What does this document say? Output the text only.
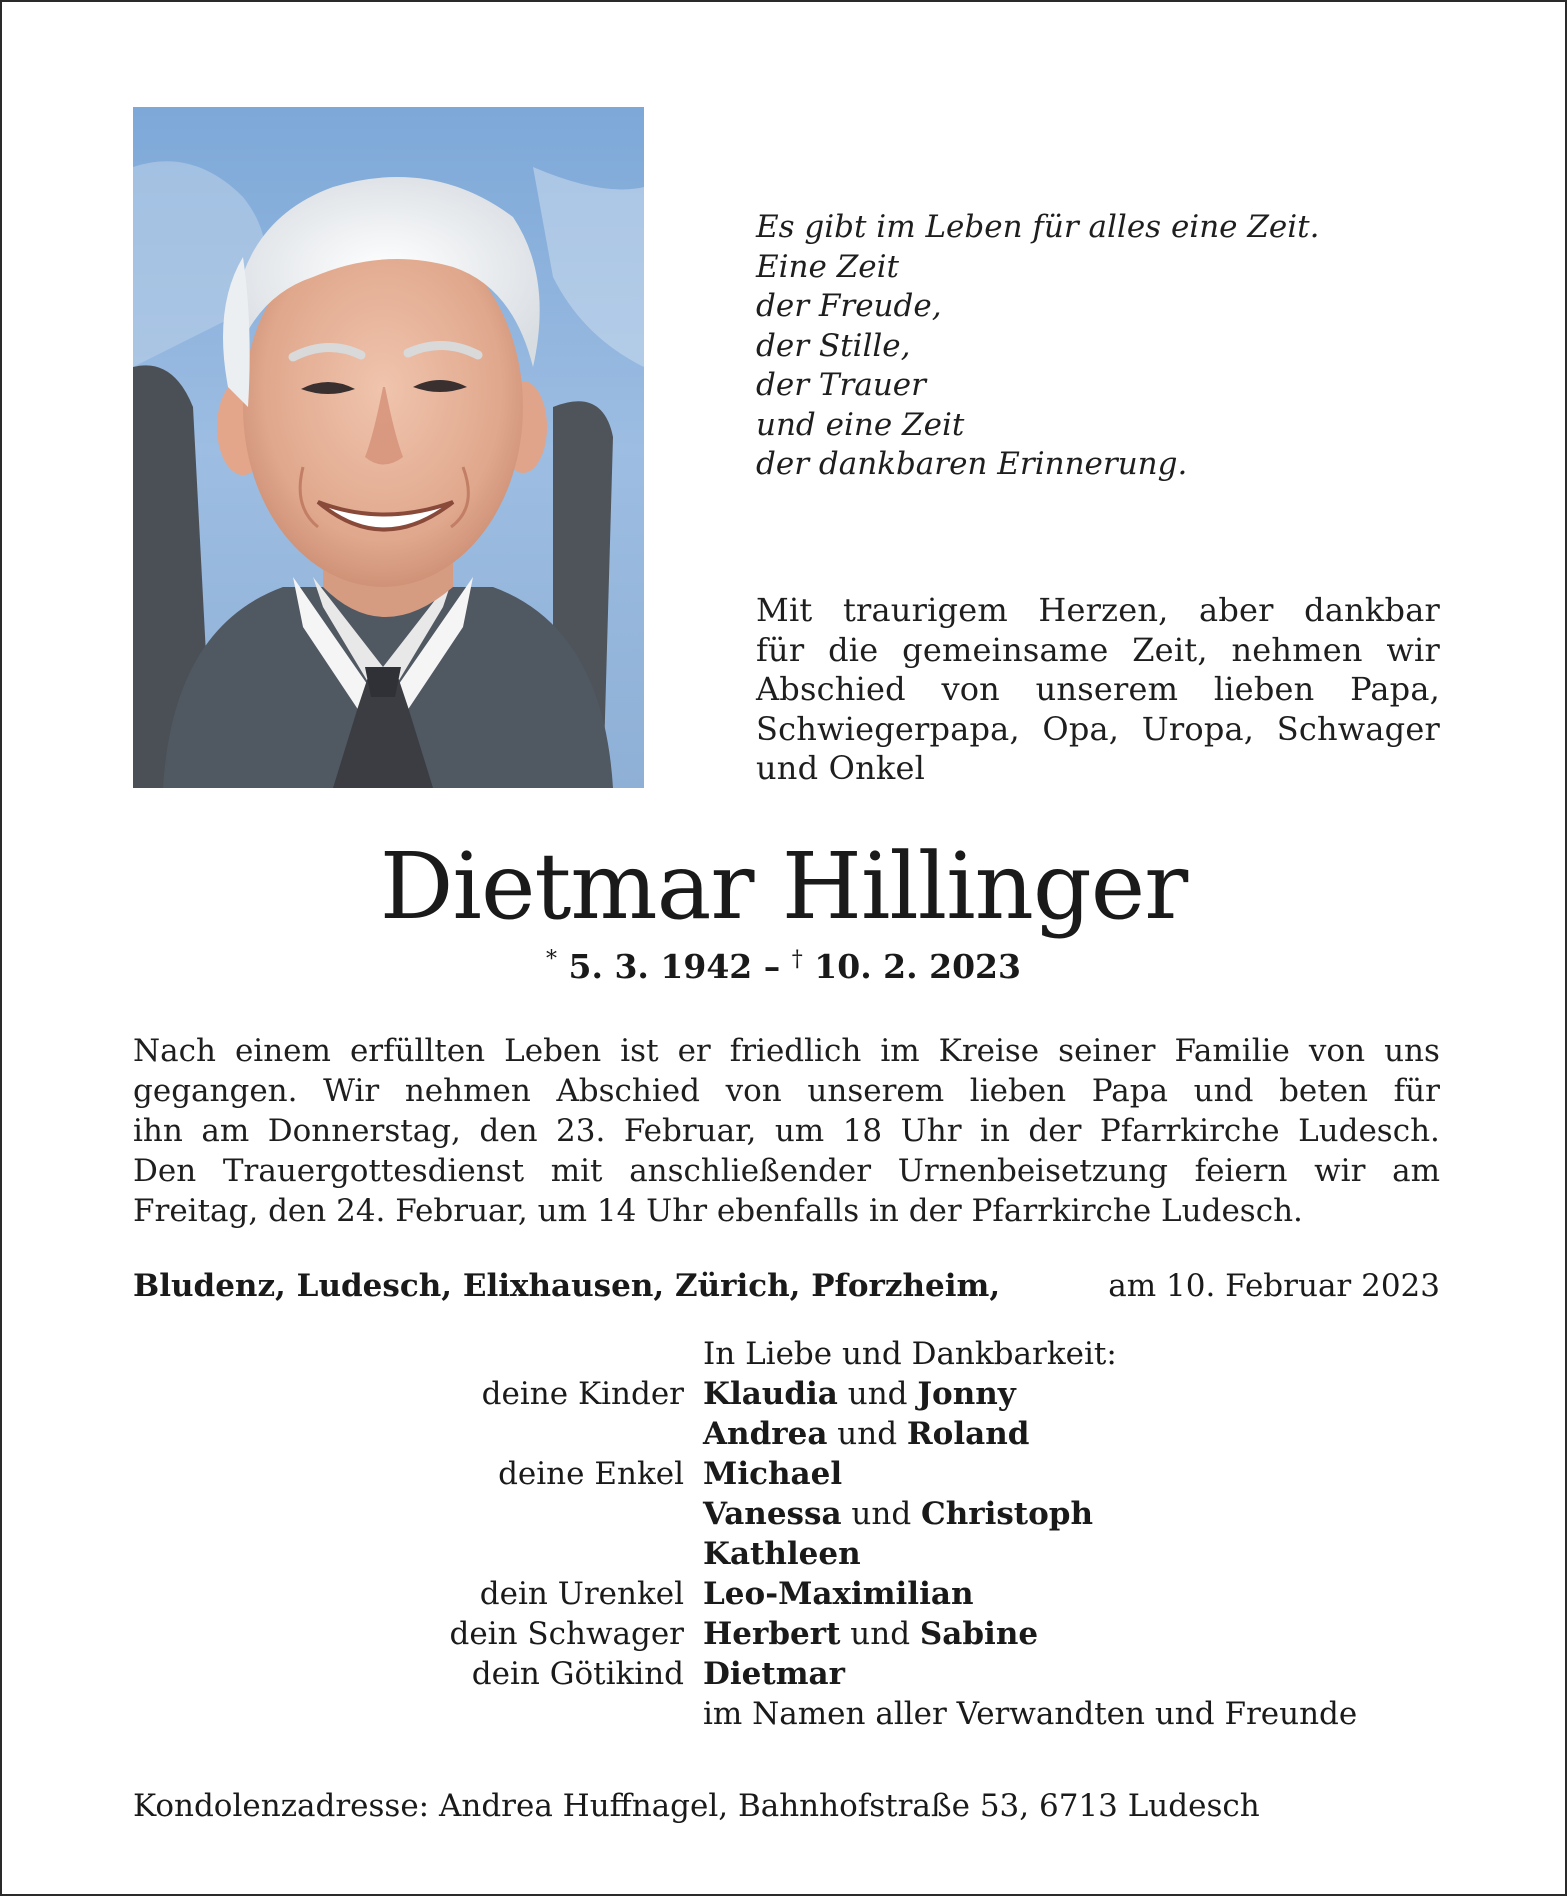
Es gibt im Leben für alles eine Zeit.
Eine Zeit
der Freude,
der Stille,
der Trauer
und eine Zeit
der dankbaren Erinnerung.
Mit traurigem Herzen, aber dankbar
für die gemeinsame Zeit, nehmen wir
Abschied von unserem lieben Papa,
Schwiegerpapa, Opa, Uropa, Schwager
und Onkel
Dietmar Hillinger
* 5. 3. 1942 – † 10. 2. 2023
Nach einem erfüllten Leben ist er friedlich im Kreise seiner Familie von uns
gegangen. Wir nehmen Abschied von unserem lieben Papa und beten für
ihn am Donnerstag, den 23. Februar, um 18 Uhr in der Pfarrkirche Ludesch.
Den Trauergottesdienst mit anschließender Urnenbeisetzung feiern wir am
Freitag, den 24. Februar, um 14 Uhr ebenfalls in der Pfarrkirche Ludesch.
Bludenz, Ludesch, Elixhausen, Zürich, Pforzheim,	am 10. Februar 2023
In Liebe und Dankbarkeit:
deine Kinder Klaudia und Jonny
Andrea und Roland
deine Enkel Michael
Vanessa und Christoph
Kathleen
dein Urenkel Leo-Maximilian
dein Schwager Herbert und Sabine
dein Götikind Dietmar
im Namen aller Verwandten und Freunde
Kondolenzadresse: Andrea Huffnagel, Bahnhofstraße 53, 6713 Ludesch
